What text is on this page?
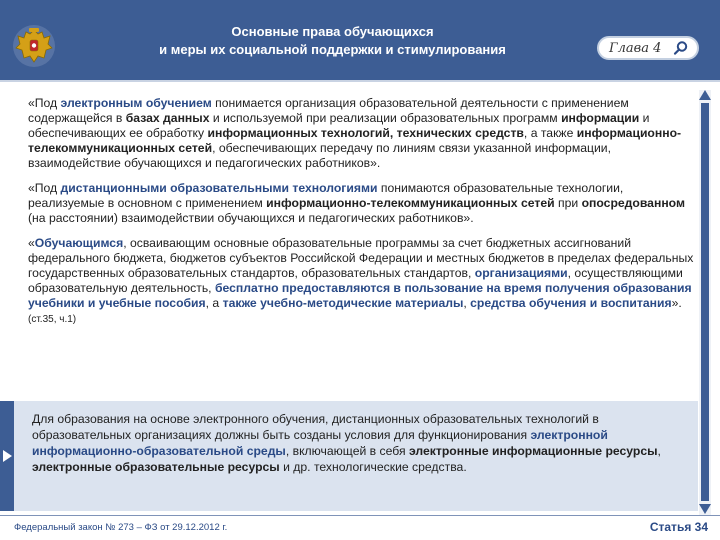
Основные права обучающихся
и меры их социальной поддержки и стимулирования	Глава 4

«Под электронным обучением понимается организация образовательной деятельности с применением содержащейся в базах данных и используемой при реализации образовательных программ информации и обеспечивающих ее обработку информационных технологий, технических средств, а также информационно-телекоммуникационных сетей, обеспечивающих передачу по линиям связи указанной информации, взаимодействие обучающихся и педагогических работников».

«Под дистанционными образовательными технологиями понимаются образовательные технологии, реализуемые в основном с применением информационно-телекоммуникационных сетей при опосредованном (на расстоянии) взаимодействии обучающихся и педагогических работников».

«Обучающимся, осваивающим основные образовательные программы за счет бюджетных ассигнований федерального бюджета, бюджетов субъектов Российской Федерации и местных бюджетов в пределах федеральных государственных образовательных стандартов, образовательных стандартов, организациями, осуществляющими образовательную деятельность, бесплатно предоставляются в пользование на время получения образования учебники и учебные пособия, а также учебно-методические материалы, средства обучения и воспитания». (ст.35, ч.1)

Для образования на основе электронного обучения, дистанционных образовательных технологий в образовательных организациях должны быть созданы условия для функционирования электронной информационно-образовательной среды, включающей в себя электронные информационные ресурсы, электронные образовательные ресурсы и др. технологические средства.
Федеральный закон № 273 – ФЗ от 29.12.2012 г.	Статья 34
